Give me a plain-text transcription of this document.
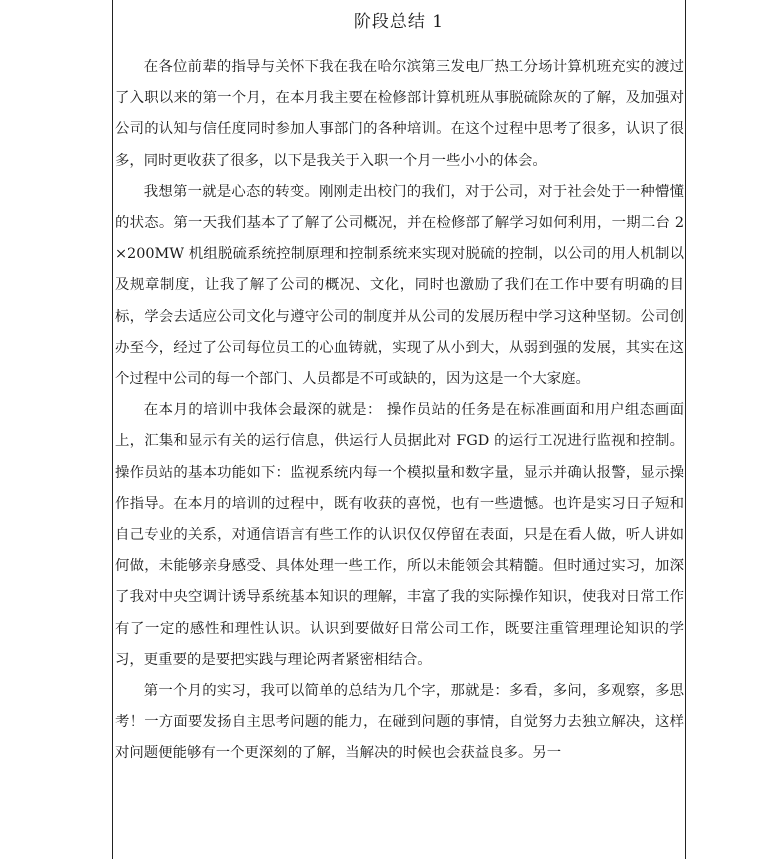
阶段总结 1

在各位前辈的指导与关怀下我在我在哈尔滨第三发电厂热工分场计算机班充实的渡过了入职以来的第一个月，在本月我主要在检修部计算机班从事脱硫除灰的了解，及加强对公司的认知与信任度同时参加人事部门的各种培训。在这个过程中思考了很多，认识了很多，同时更收获了很多，以下是我关于入职一个月一些小小的体会。

我想第一就是心态的转变。刚刚走出校门的我们，对于公司，对于社会处于一种懵懂的状态。第一天我们基本了了解了公司概况，并在检修部了解学习如何利用，一期二台 2×200MW 机组脱硫系统控制原理和控制系统来实现对脱硫的控制，以公司的用人机制以及规章制度，让我了解了公司的概况、文化，同时也激励了我们在工作中要有明确的目标，学会去适应公司文化与遵守公司的制度并从公司的发展历程中学习这种坚韧。公司创办至今，经过了公司每位员工的心血铸就，实现了从小到大，从弱到强的发展，其实在这个过程中公司的每一个部门、人员都是不可或缺的，因为这是一个大家庭。

在本月的培训中我体会最深的就是： 操作员站的任务是在标准画面和用户组态画面上，汇集和显示有关的运行信息，供运行人员据此对 FGD 的运行工况进行监视和控制。操作员站的基本功能如下：监视系统内每一个模拟量和数字量，显示并确认报警，显示操作指导。在本月的培训的过程中，既有收获的喜悦，也有一些遗憾。也许是实习日子短和自己专业的关系，对通信语言有些工作的认识仅仅停留在表面，只是在看人做，听人讲如何做，未能够亲身感受、具体处理一些工作，所以未能领会其精髓。但时通过实习，加深了我对中央空调计诱导系统基本知识的理解，丰富了我的实际操作知识，使我对日常工作有了一定的感性和理性认识。认识到要做好日常公司工作，既要注重管理理论知识的学习，更重要的是要把实践与理论两者紧密相结合。

第一个月的实习，我可以简单的总结为几个字，那就是：多看，多问，多观察，多思考！一方面要发扬自主思考问题的能力，在碰到问题的事情，自觉努力去独立解决，这样对问题便能够有一个更深刻的了解，当解决的时候也会获益良多。另一
